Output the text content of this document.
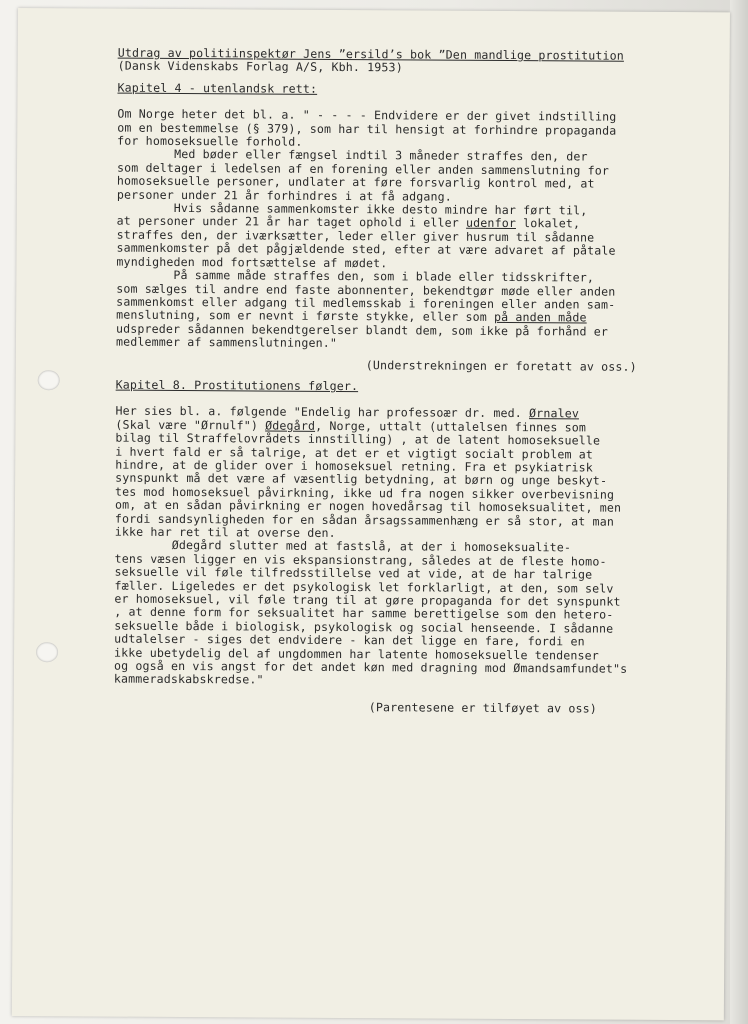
Utdrag av politiinspektør Jens ”ersild’s bok ”Den mandlige prostitution
(Dansk Videnskabs Forlag A/S, Kbh. 1953)
Kapitel 4 - utenlandsk rett:
Om Norge heter det bl. a. " - - - - Endvidere er der givet indstilling
om en bestemmelse (§ 379), som har til hensigt at forhindre propaganda
for homoseksuelle forhold.
Med bøder eller fængsel indtil 3 måneder straffes den, der
som deltager i ledelsen af en forening eller anden sammenslutning for
homoseksuelle personer, undlater at føre forsvarlig kontrol med, at
personer under 21 år forhindres i at få adgang.
Hvis sådanne sammenkomster ikke desto mindre har ført til,
at personer under 21 år har taget ophold i eller udenfor lokalet,
straffes den, der iværksætter, leder eller giver husrum til sådanne
sammenkomster på det pågjældende sted, efter at være advaret af påtale
myndigheden mod fortsættelse af mødet.
På samme måde straffes den, som i blade eller tidsskrifter,
som sælges til andre end faste abonnenter, bekendtgør møde eller anden
sammenkomst eller adgang til medlemsskab i foreningen eller anden sam-
menslutning, som er nevnt i første stykke, eller som på anden måde
udspreder sådannen bekendtgerelser blandt dem, som ikke på forhånd er
medlemmer af sammenslutningen."
(Understrekningen er foretatt av oss.)
Kapitel 8. Prostitutionens følger.
Her sies bl. a. følgende "Endelig har professoær dr. med. Ørnalev
(Skal være "Ørnulf") Ødegård, Norge, uttalt (uttalelsen finnes som
bilag til Straffelovrådets innstilling) , at de latent homoseksuelle
i hvert fald er så talrige, at det er et vigtigt socialt problem at
hindre, at de glider over i homoseksuel retning. Fra et psykiatrisk
synspunkt må det være af væsentlig betydning, at børn og unge beskyt-
tes mod homoseksuel påvirkning, ikke ud fra nogen sikker overbevisning
om, at en sådan påvirkning er nogen hovedårsag til homoseksualitet, men
fordi sandsynligheden for en sådan årsagssammenhæng er så stor, at man
ikke har ret til at overse den.
Ødegård slutter med at fastslå, at der i homoseksualite-
tens væsen ligger en vis ekspansionstrang, således at de fleste homo-
seksuelle vil føle tilfredsstillelse ved at vide, at de har talrige
fæller. Ligeledes er det psykologisk let forklarligt, at den, som selv
er homoseksuel, vil føle trang til at gøre propaganda for det synspunkt
, at denne form for seksualitet har samme berettigelse som den hetero-
seksuelle både i biologisk, psykologisk og social henseende. I sådanne
udtalelser - siges det endvidere - kan det ligge en fare, fordi en
ikke ubetydelig del af ungdommen har latente homoseksuelle tendenser
og også en vis angst for det andet køn med dragning mod Ømandsamfundet"s
kammeradskabskredse."
(Parentesene er tilføyet av oss)
